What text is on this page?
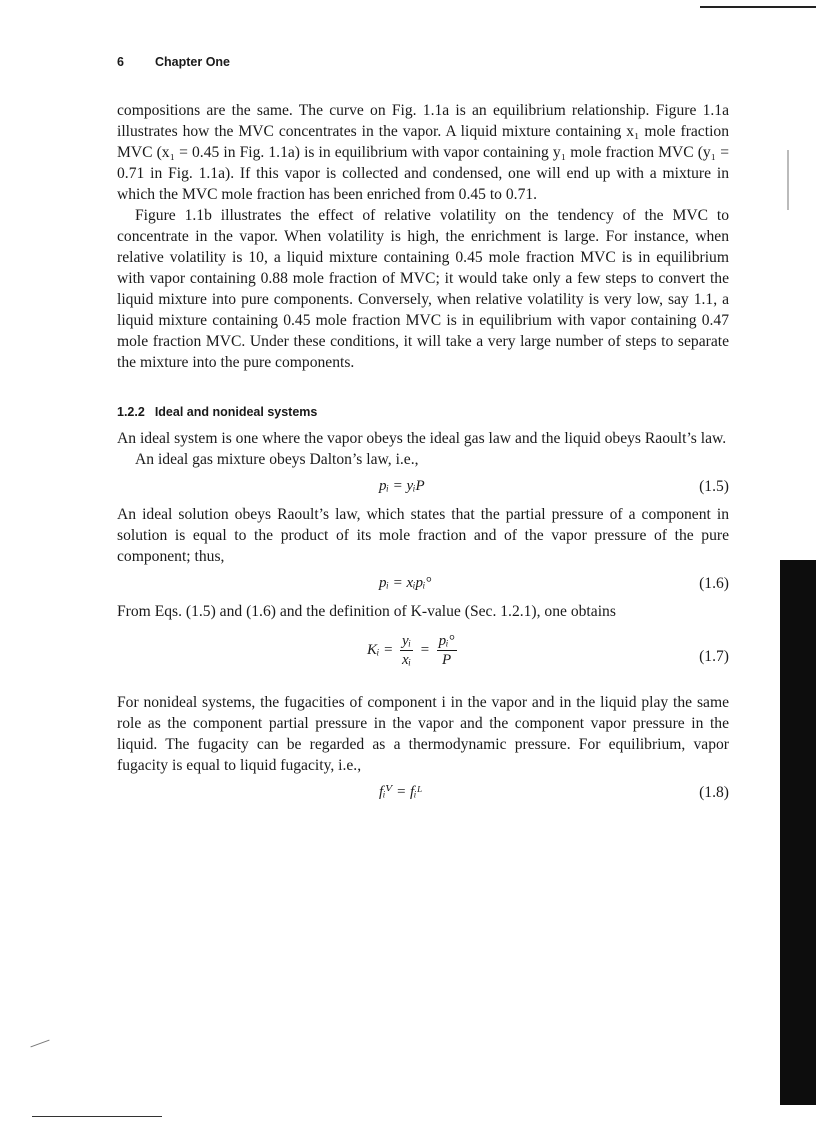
6 Chapter One

compositions are the same. The curve on Fig. 1.1a is an equilibrium relationship. Figure 1.1a illustrates how the MVC concentrates in the vapor. A liquid mixture containing x₁ mole fraction MVC (x₁ = 0.45 in Fig. 1.1a) is in equilibrium with vapor containing y₁ mole fraction MVC (y₁ = 0.71 in Fig. 1.1a). If this vapor is collected and condensed, one will end up with a mixture in which the MVC mole fraction has been enriched from 0.45 to 0.71.

Figure 1.1b illustrates the effect of relative volatility on the tendency of the MVC to concentrate in the vapor. When volatility is high, the enrichment is large. For instance, when relative volatility is 10, a liquid mixture containing 0.45 mole fraction MVC is in equilibrium with vapor containing 0.88 mole fraction of MVC; it would take only a few steps to convert the liquid mixture into pure components. Conversely, when relative volatility is very low, say 1.1, a liquid mixture containing 0.45 mole fraction MVC is in equilibrium with vapor containing 0.47 mole fraction MVC. Under these conditions, it will take a very large number of steps to separate the mixture into the pure components.

1.2.2 Ideal and nonideal systems

An ideal system is one where the vapor obeys the ideal gas law and the liquid obeys Raoult’s law.

An ideal gas mixture obeys Dalton’s law, i.e.,

pᵢ = yᵢP	(1.5)

An ideal solution obeys Raoult’s law, which states that the partial pressure of a component in solution is equal to the product of its mole fraction and of the vapor pressure of the pure component; thus,

pᵢ = xᵢpᵢ°	(1.6)

From Eqs. (1.5) and (1.6) and the definition of K-value (Sec. 1.2.1), one obtains

Kᵢ = $\frac{\text{yᵢ}}{\text{xᵢ}} = \frac{\text{pᵢ°}}{P}$	(1.7)

For nonideal systems, the fugacities of component i in the vapor and in the liquid play the same role as the component partial pressure in the vapor and the component vapor pressure in the liquid. The fugacity can be regarded as a thermodynamic pressure. For equilibrium, vapor fugacity is equal to liquid fugacity, i.e.,

fᵢⱽ = fᵢᴸ	(1.8)
